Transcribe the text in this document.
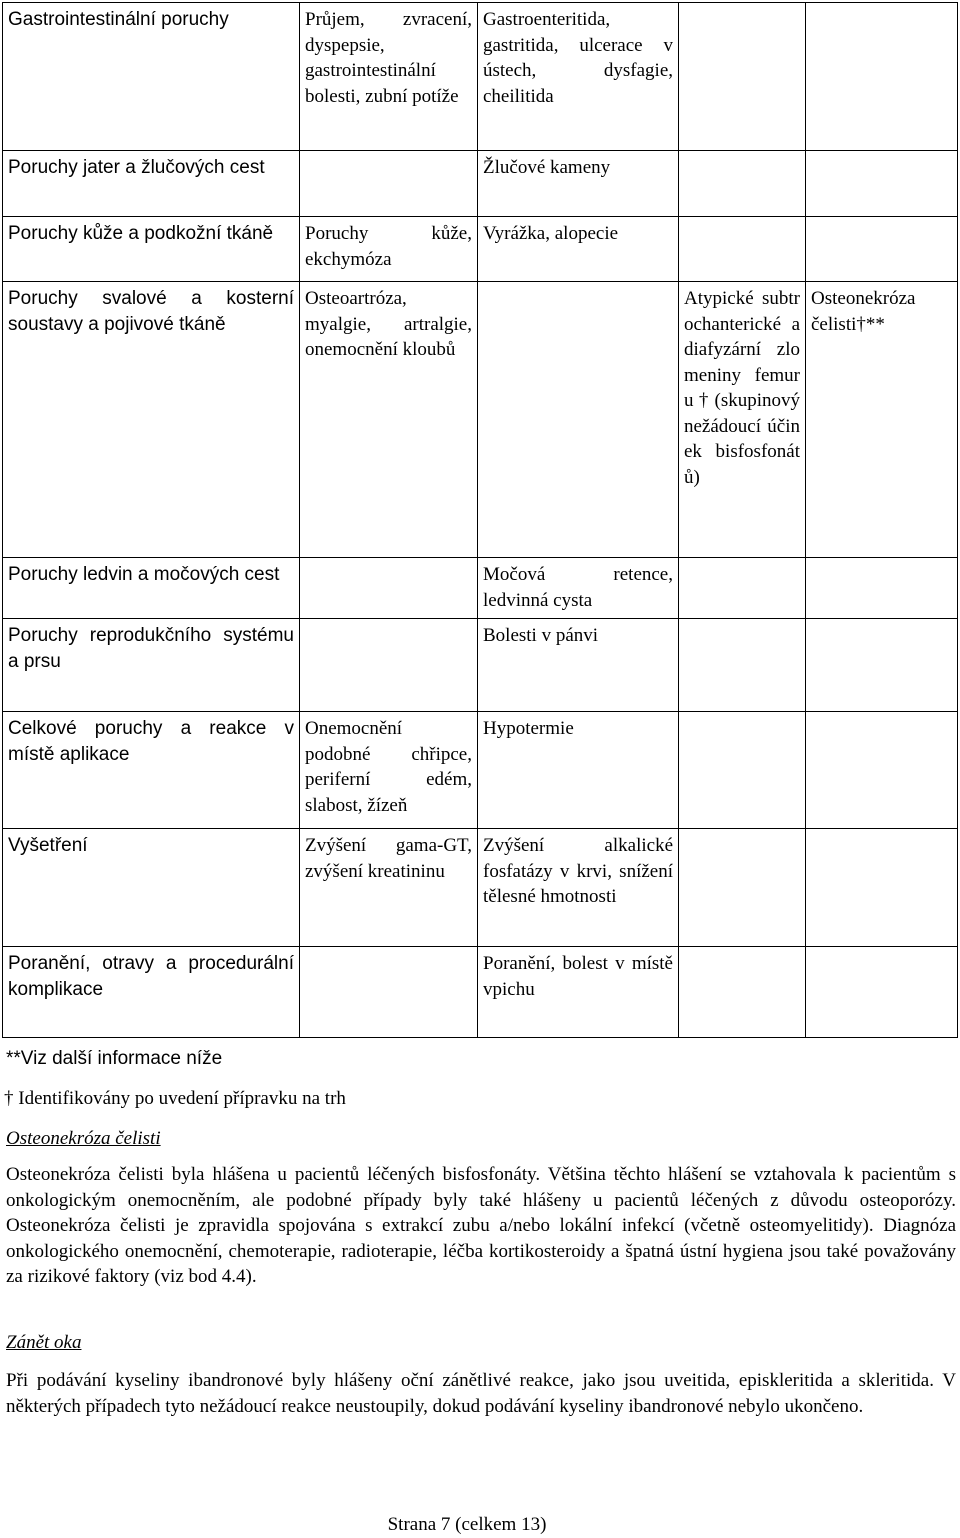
Gastrointestinální poruchy	Průjem, zvracení, dyspepsie, gastrointestinální bolesti, zubní potíže	Gastroenteritida, gastritida, ulcerace v ústech, dysfagie, cheilitida		
Poruchy jater a žlučových cest		Žlučové kameny		
Poruchy kůže a podkožní tkáně	Poruchy kůže, ekchymóza	Vyrážka, alopecie		
Poruchy svalové a kosterní soustavy a pojivové tkáně	Osteoartróza, myalgie, artralgie, onemocnění kloubů		Atypické subtrochanterické a diafyzární zlomeniny femuru † (skupinový nežádoucí účinek bisfosfonátů)	Osteonekróza čelisti†**
Poruchy ledvin a močových cest		Močová retence, ledvinná cysta		
Poruchy reprodukčního systému a prsu		Bolesti v pánvi		
Celkové poruchy a reakce v místě aplikace	Onemocnění podobné chřipce, periferní edém, slabost, žízeň	Hypotermie		
Vyšetření	Zvýšení gama-GT, zvýšení kreatininu	Zvýšení alkalické fosfatázy v krvi, snížení tělesné hmotnosti		
Poranění, otravy a procedurální komplikace		Poranění, bolest v místě vpichu		
**Viz další informace níže
† Identifikovány po uvedení přípravku na trh
Osteonekróza čelisti
Osteonekróza čelisti byla hlášena u pacientů léčených bisfosfonáty. Většina těchto hlášení se vztahovala k pacientům s onkologickým onemocněním, ale podobné případy byly také hlášeny u pacientů léčených z důvodu osteoporózy. Osteonekróza čelisti je zpravidla spojována s extrakcí zubu a/nebo lokální infekcí (včetně osteomyelitidy). Diagnóza onkologického onemocnění, chemoterapie, radioterapie, léčba kortikosteroidy a špatná ústní hygiena jsou také považovány za rizikové faktory (viz bod 4.4).
Zánět oka
Při podávání kyseliny ibandronové byly hlášeny oční zánětlivé reakce, jako jsou uveitida, episkleritida a skleritida. V některých případech tyto nežádoucí reakce neustoupily, dokud podávání kyseliny ibandronové nebylo ukončeno.
Strana 7 (celkem 13)
